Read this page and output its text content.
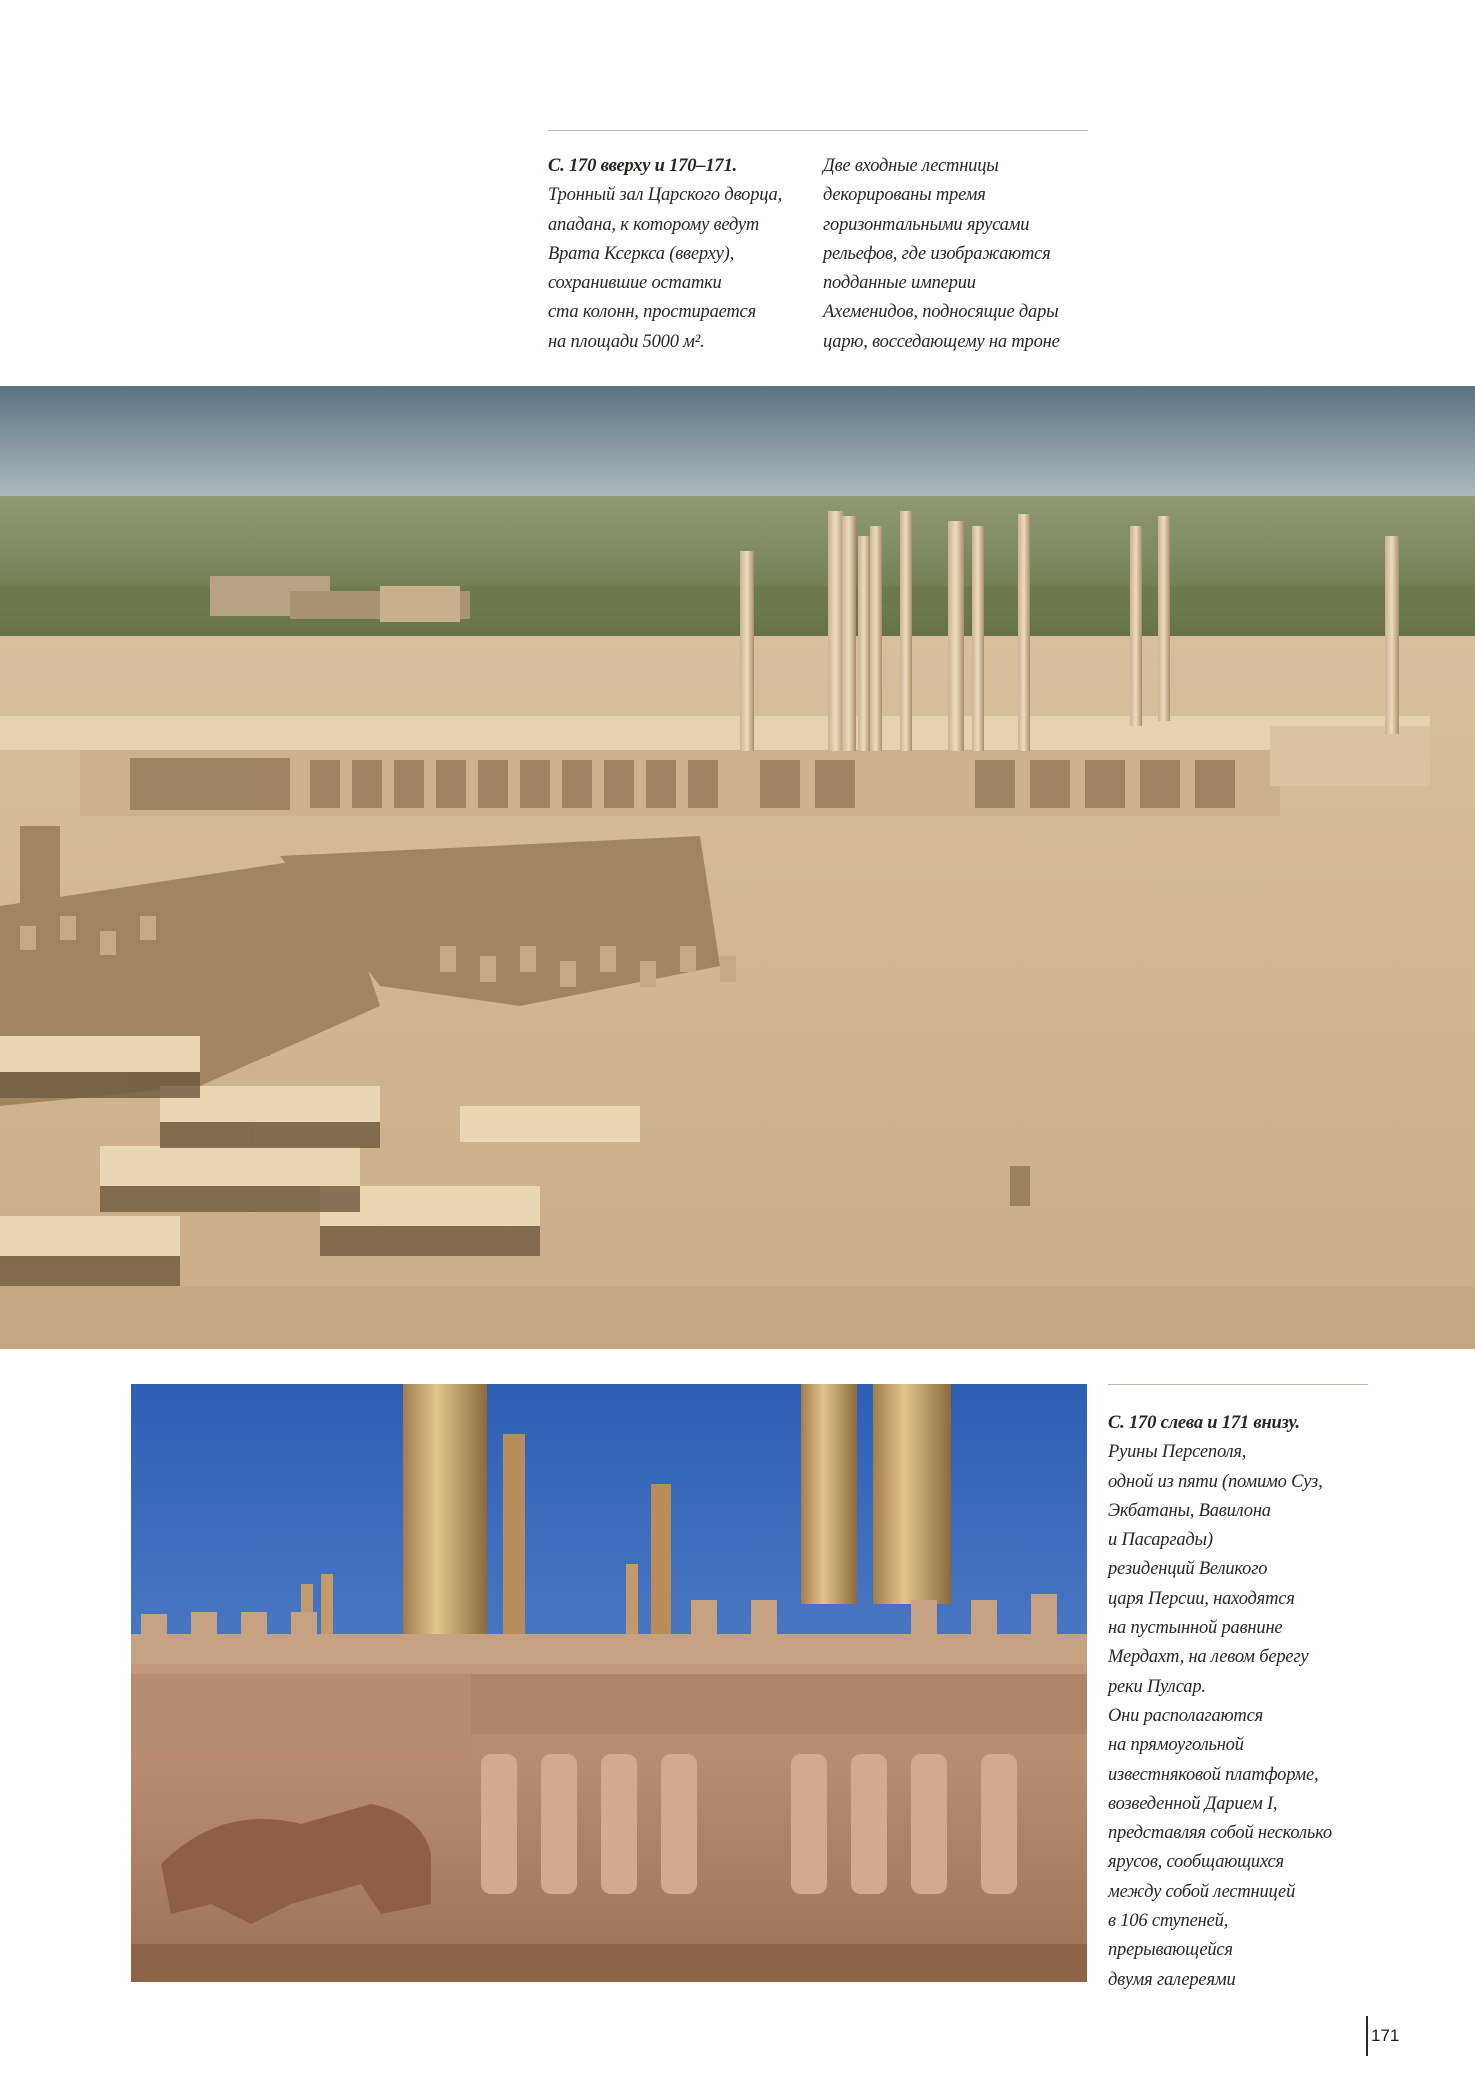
С. 170 вверху и 170–171.
Тронный зал Царского дворца,
ападана, к которому ведут
Врата Ксеркса (вверху),
сохранившие остатки
ста колонн, простирается
на площади 5000 м².
Две входные лестницы
декорированы тремя
горизонтальными ярусами
рельефов, где изображаются
подданные империи
Ахеменидов, подносящие дары
царю, восседающему на троне
С. 170 слева и 171 внизу.
Руины Персеполя,
одной из пяти (помимо Суз,
Экбатаны, Вавилона
и Пасаргады)
резиденций Великого
царя Персии, находятся
на пустынной равнине
Мердахт, на левом берегу
реки Пулсар.
Они располагаются
на прямоугольной
известняковой платформе,
возведенной Дарием I,
представляя собой несколько
ярусов, сообщающихся
между собой лестницей
в 106 ступеней,
прерывающейся
двумя галереями
171
